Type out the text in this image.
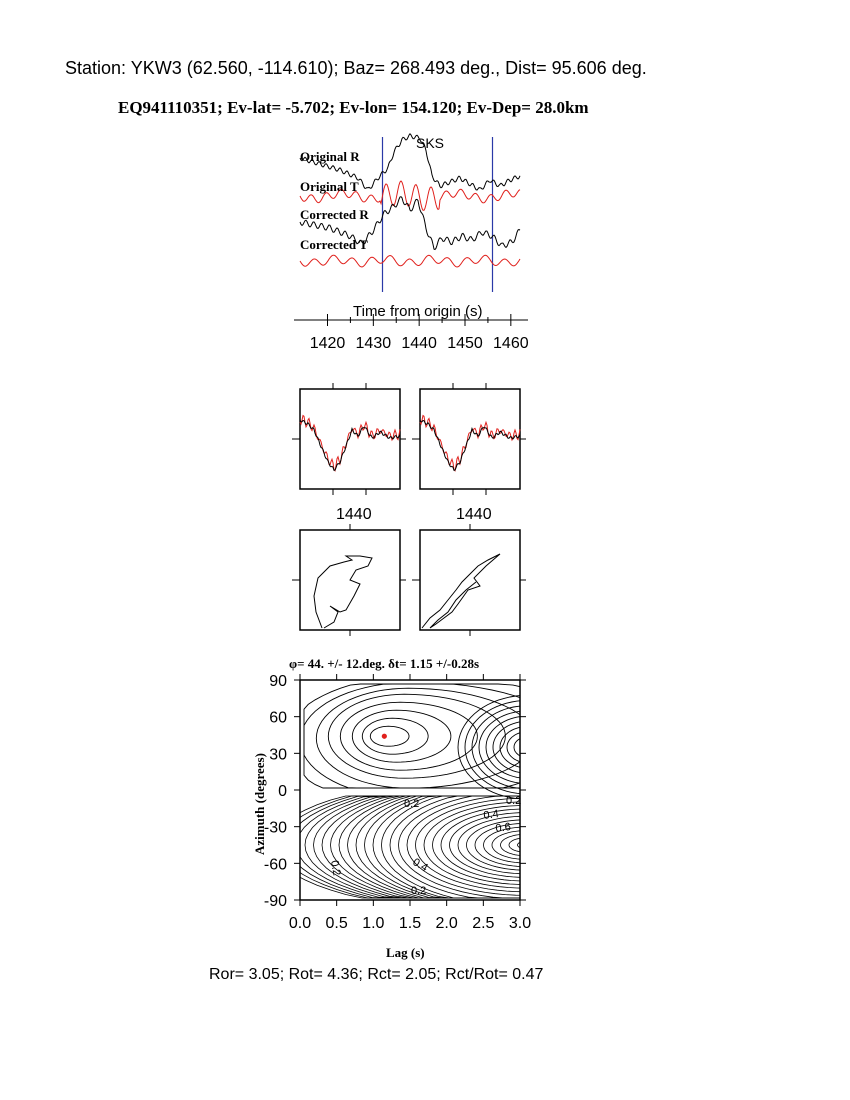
Station: YKW3 (62.560, -114.610); Baz= 268.493 deg., Dist= 95.606 deg.
EQ941110351; Ev-lat= -5.702; Ev-lon= 154.120; Ev-Dep= 28.0km
SKS
Original R
Original T
Corrected R
Corrected T
Time from origin (s)
1420 1430 1440 1450 1460
1440	1440
φ= 44. +/- 12.deg. δt= 1.15 +/-0.28s
0.0 0.5 1.0 1.5 2.0 2.5 3.0
90
60
30
0
-30
-60
-90
0.2	0.2
0.4
0.6
0.2	0.4
0.2
Lag (s)
Azimuth (degrees)
Ror= 3.05; Rot= 4.36; Rct= 2.05; Rct/Rot= 0.47
